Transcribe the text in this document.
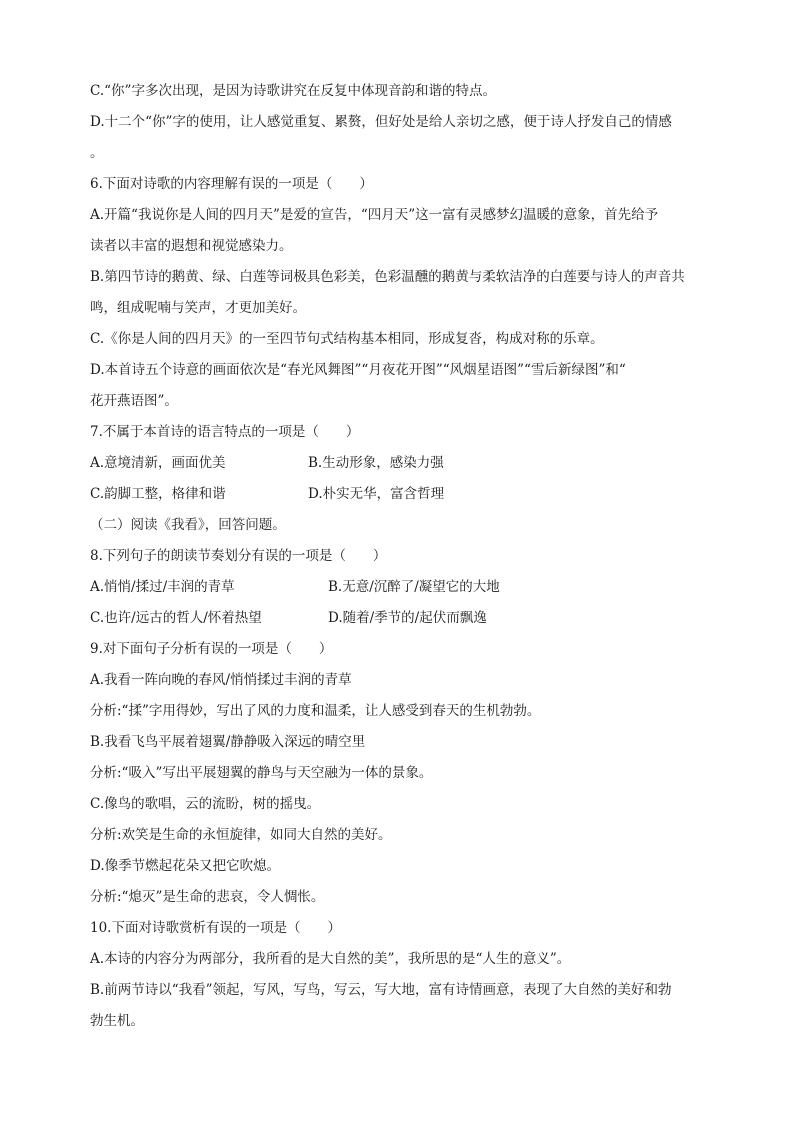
C.“你”字多次出现，是因为诗歌讲究在反复中体现音韵和谐的特点。
D.十二个“你”字的使用，让人感觉重复、累赘，但好处是给人亲切之感，便于诗人抒发自己的情感
。
6.下面对诗歌的内容理解有误的一项是（　　）
A.开篇“我说你是人间的四月天”是爱的宣告，“四月天”这一富有灵感梦幻温暖的意象，首先给予
读者以丰富的遐想和视觉感染力。
B.第四节诗的鹅黄、绿、白莲等词极具色彩美，色彩温醺的鹅黄与柔软洁净的白莲要与诗人的声音共
鸣，组成呢喃与笑声，才更加美好。
C.《你是人间的四月天》的一至四节句式结构基本相同，形成复沓，构成对称的乐章。
D.本首诗五个诗意的画面依次是“春光风舞图”“月夜花开图”“风烟星语图”“雪后新绿图”和“
花开燕语图”。
7.不属于本首诗的语言特点的一项是（　　）
A.意境清新，画面优美	B.生动形象，感染力强
C.韵脚工整，格律和谐	D.朴实无华，富含哲理
（二）阅读《我看》，回答问题。
8.下列句子的朗读节奏划分有误的一项是（　　）
A.悄悄/揉过/丰润的青草	B.无意/沉醉了/凝望它的大地
C.也许/远古的哲人/怀着热望	D.随着/季节的/起伏而飘逸
9.对下面句子分析有误的一项是（　　）
A.我看一阵向晚的春风/悄悄揉过丰润的青草
分析:“揉”字用得妙，写出了风的力度和温柔，让人感受到春天的生机勃勃。
B.我看飞鸟平展着翅翼/静静吸入深远的晴空里
分析:“吸入”写出平展翅翼的静鸟与天空融为一体的景象。
C.像鸟的歌唱，云的流盼，树的摇曳。
分析:欢笑是生命的永恒旋律，如同大自然的美好。
D.像季节燃起花朵又把它吹熄。
分析:“熄灭”是生命的悲哀，令人惆怅。
10.下面对诗歌赏析有误的一项是（　　）
A.本诗的内容分为两部分，我所看的是大自然的美”，我所思的是“人生的意义”。
B.前两节诗以“我看”领起，写风，写鸟，写云，写大地，富有诗情画意，表现了大自然的美好和勃
勃生机。
